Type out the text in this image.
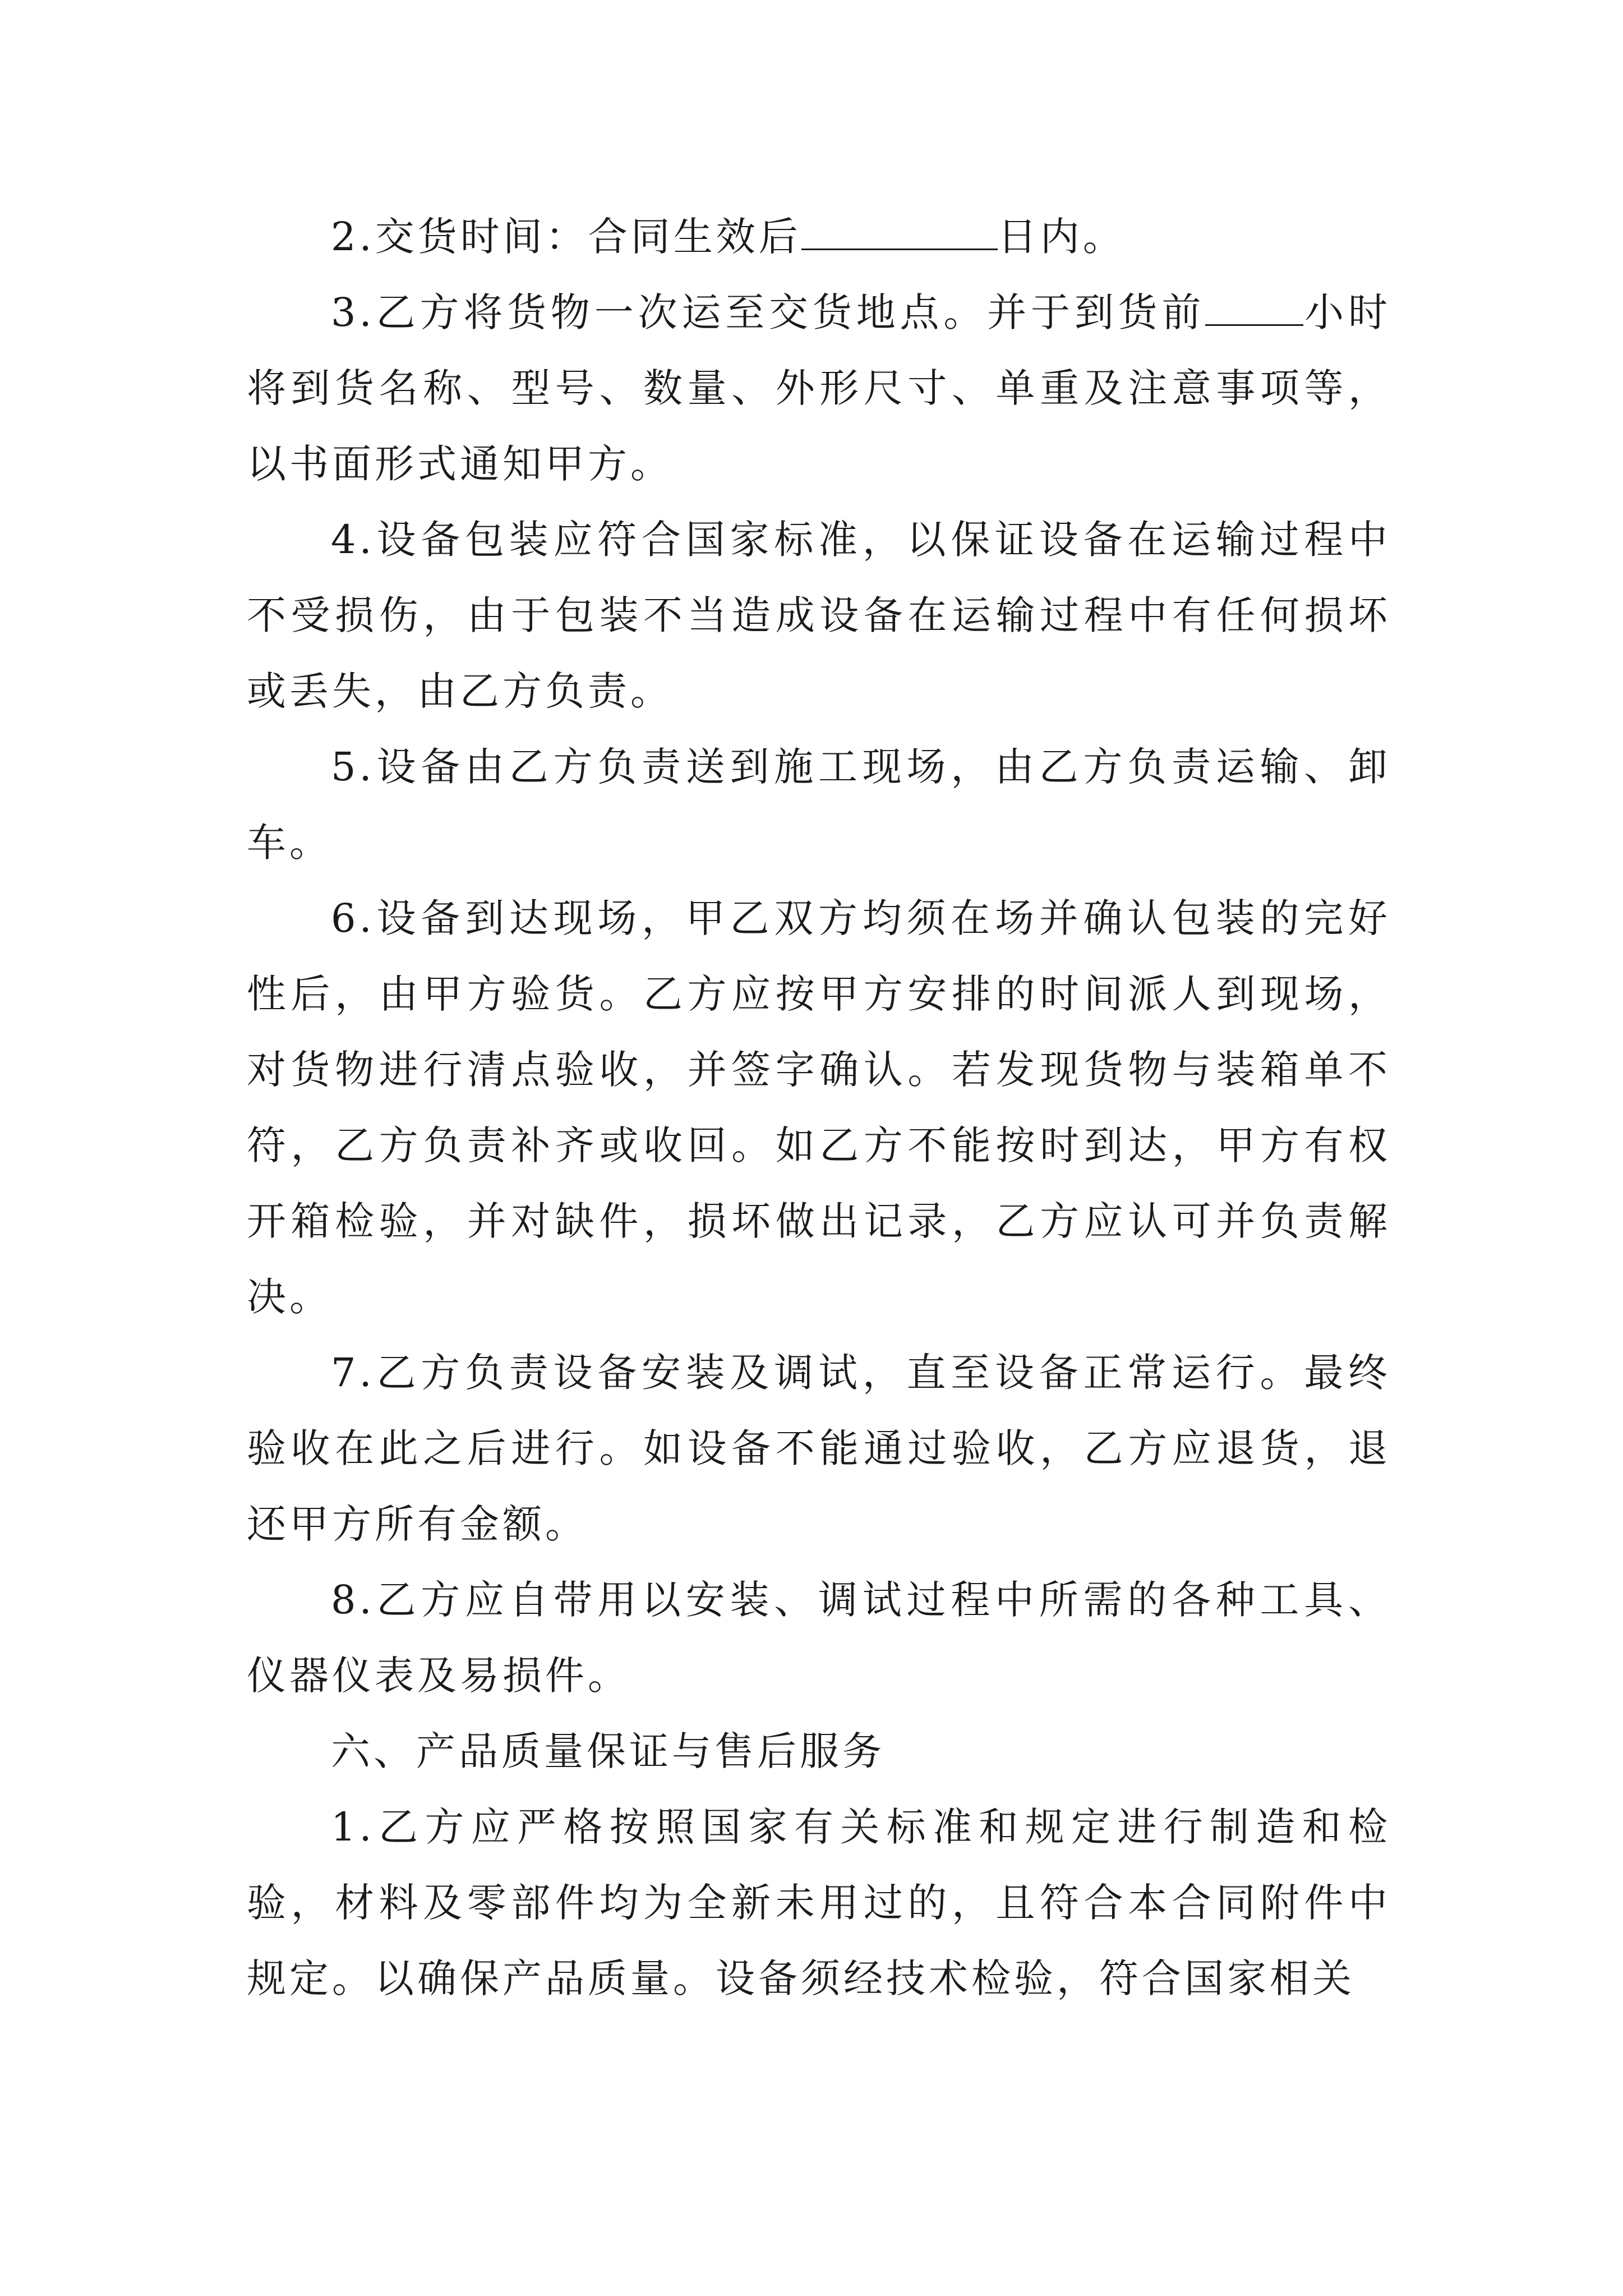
2.交货时间：合同生效后	日内。

3.乙方将货物一次运至交货地点。并于到货前	小时将到货名称、型号、数量、外形尺寸、单重及注意事项等，以书面形式通知甲方。

4.设备包装应符合国家标准，以保证设备在运输过程中不受损伤，由于包装不当造成设备在运输过程中有任何损坏或丢失，由乙方负责。

5.设备由乙方负责送到施工现场，由乙方负责运输、卸车。

6.设备到达现场，甲乙双方均须在场并确认包装的完好性后，由甲方验货。乙方应按甲方安排的时间派人到现场，对货物进行清点验收，并签字确认。若发现货物与装箱单不符，乙方负责补齐或收回。如乙方不能按时到达，甲方有权开箱检验，并对缺件，损坏做出记录，乙方应认可并负责解决。

7.乙方负责设备安装及调试，直至设备正常运行。最终验收在此之后进行。如设备不能通过验收，乙方应退货，退还甲方所有金额。

8.乙方应自带用以安装、调试过程中所需的各种工具、仪器仪表及易损件。

六、产品质量保证与售后服务

1.乙方应严格按照国家有关标准和规定进行制造和检验，材料及零部件均为全新未用过的，且符合本合同附件中规定。以确保产品质量。设备须经技术检验，符合国家相关
